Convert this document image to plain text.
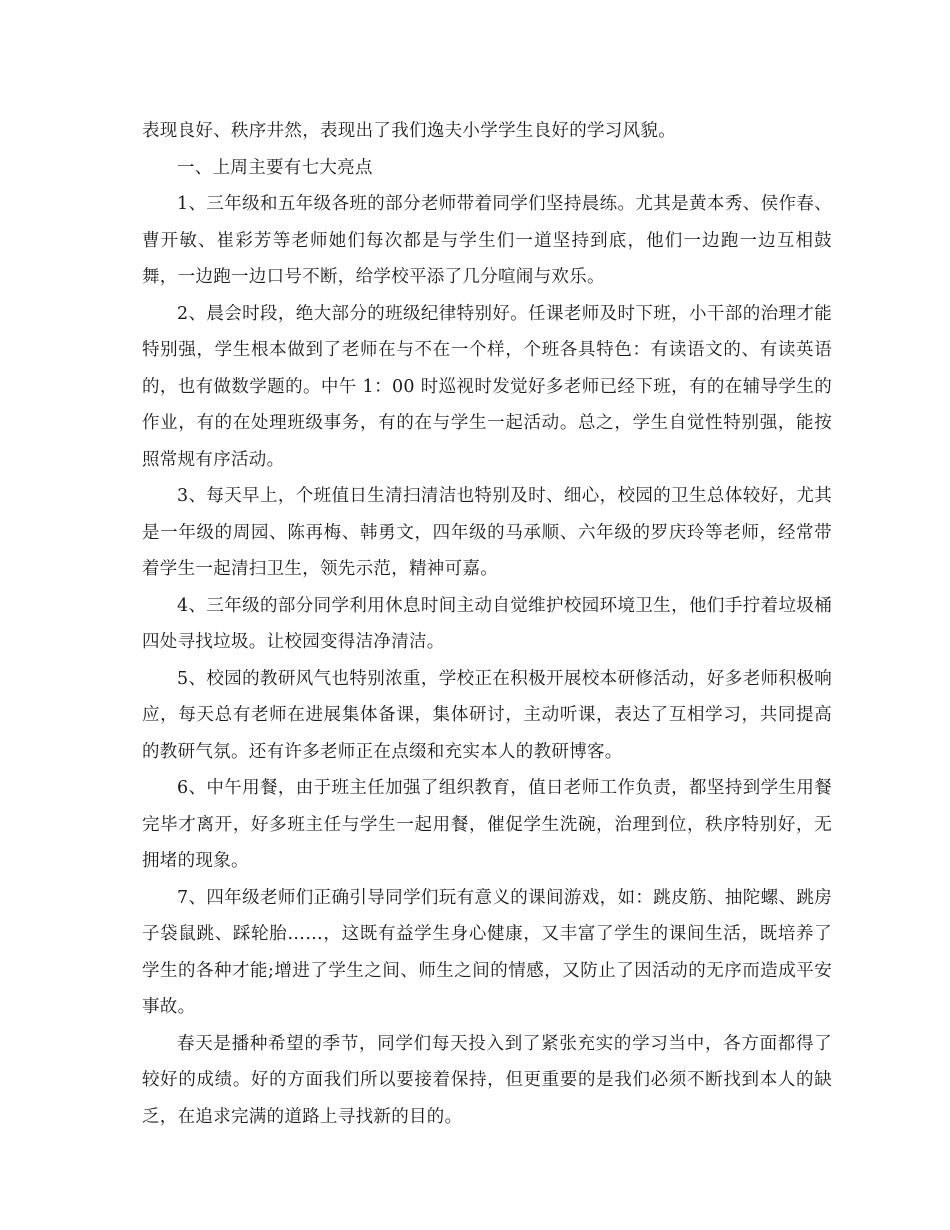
表现良好、秩序井然，表现出了我们逸夫小学学生良好的学习风貌。

一、上周主要有七大亮点

1、三年级和五年级各班的部分老师带着同学们坚持晨练。尤其是黄本秀、侯作春、曹开敏、崔彩芳等老师她们每次都是与学生们一道坚持到底，他们一边跑一边互相鼓舞，一边跑一边口号不断，给学校平添了几分喧闹与欢乐。

2、晨会时段，绝大部分的班级纪律特别好。任课老师及时下班，小干部的治理才能特别强，学生根本做到了老师在与不在一个样，个班各具特色：有读语文的、有读英语的，也有做数学题的。中午 1：00 时巡视时发觉好多老师已经下班，有的在辅导学生的作业，有的在处理班级事务，有的在与学生一起活动。总之，学生自觉性特别强，能按照常规有序活动。

3、每天早上，个班值日生清扫清洁也特别及时、细心，校园的卫生总体较好，尤其是一年级的周园、陈再梅、韩勇文，四年级的马承顺、六年级的罗庆玲等老师，经常带着学生一起清扫卫生，领先示范，精神可嘉。

4、三年级的部分同学利用休息时间主动自觉维护校园环境卫生，他们手拧着垃圾桶四处寻找垃圾。让校园变得洁净清洁。

5、校园的教研风气也特别浓重，学校正在积极开展校本研修活动，好多老师积极响应，每天总有老师在进展集体备课，集体研讨，主动听课，表达了互相学习，共同提高的教研气氛。还有许多老师正在点缀和充实本人的教研博客。

6、中午用餐，由于班主任加强了组织教育，值日老师工作负责，都坚持到学生用餐完毕才离开，好多班主任与学生一起用餐，催促学生洗碗，治理到位，秩序特别好，无拥堵的现象。

7、四年级老师们正确引导同学们玩有意义的课间游戏，如：跳皮筋、抽陀螺、跳房子袋鼠跳、踩轮胎……，这既有益学生身心健康，又丰富了学生的课间生活，既培养了学生的各种才能;增进了学生之间、师生之间的情感，又防止了因活动的无序而造成平安事故。

春天是播种希望的季节，同学们每天投入到了紧张充实的学习当中，各方面都得了较好的成绩。好的方面我们所以要接着保持，但更重要的是我们必须不断找到本人的缺乏，在追求完满的道路上寻找新的目的。
